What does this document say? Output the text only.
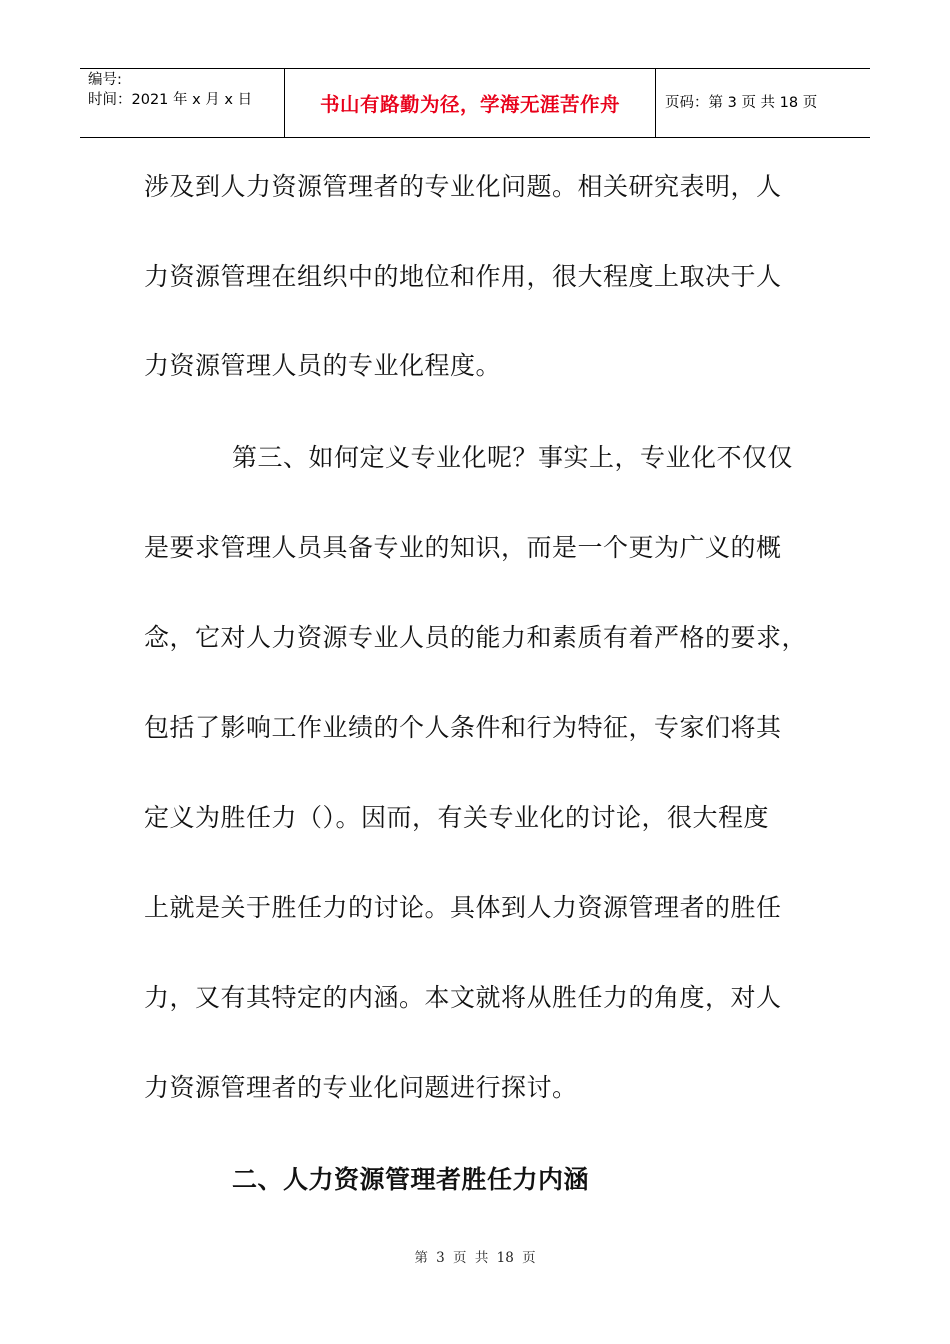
编号:
时间：2021 年 x 月 x 日	书山有路勤为径，学海无涯苦作舟	页码：第 3 页 共 18 页
涉及到人力资源管理者的专业化问题。相关研究表明，人
力资源管理在组织中的地位和作用，很大程度上取决于人
力资源管理人员的专业化程度。
第三、如何定义专业化呢？事实上，专业化不仅仅
是要求管理人员具备专业的知识，而是一个更为广义的概
念，它对人力资源专业人员的能力和素质有着严格的要求，
包括了影响工作业绩的个人条件和行为特征，专家们将其
定义为胜任力（）。因而，有关专业化的讨论，很大程度
上就是关于胜任力的讨论。具体到人力资源管理者的胜任
力，又有其特定的内涵。本文就将从胜任力的角度，对人
力资源管理者的专业化问题进行探讨。
二、人力资源管理者胜任力内涵
第 3 页 共 18 页
